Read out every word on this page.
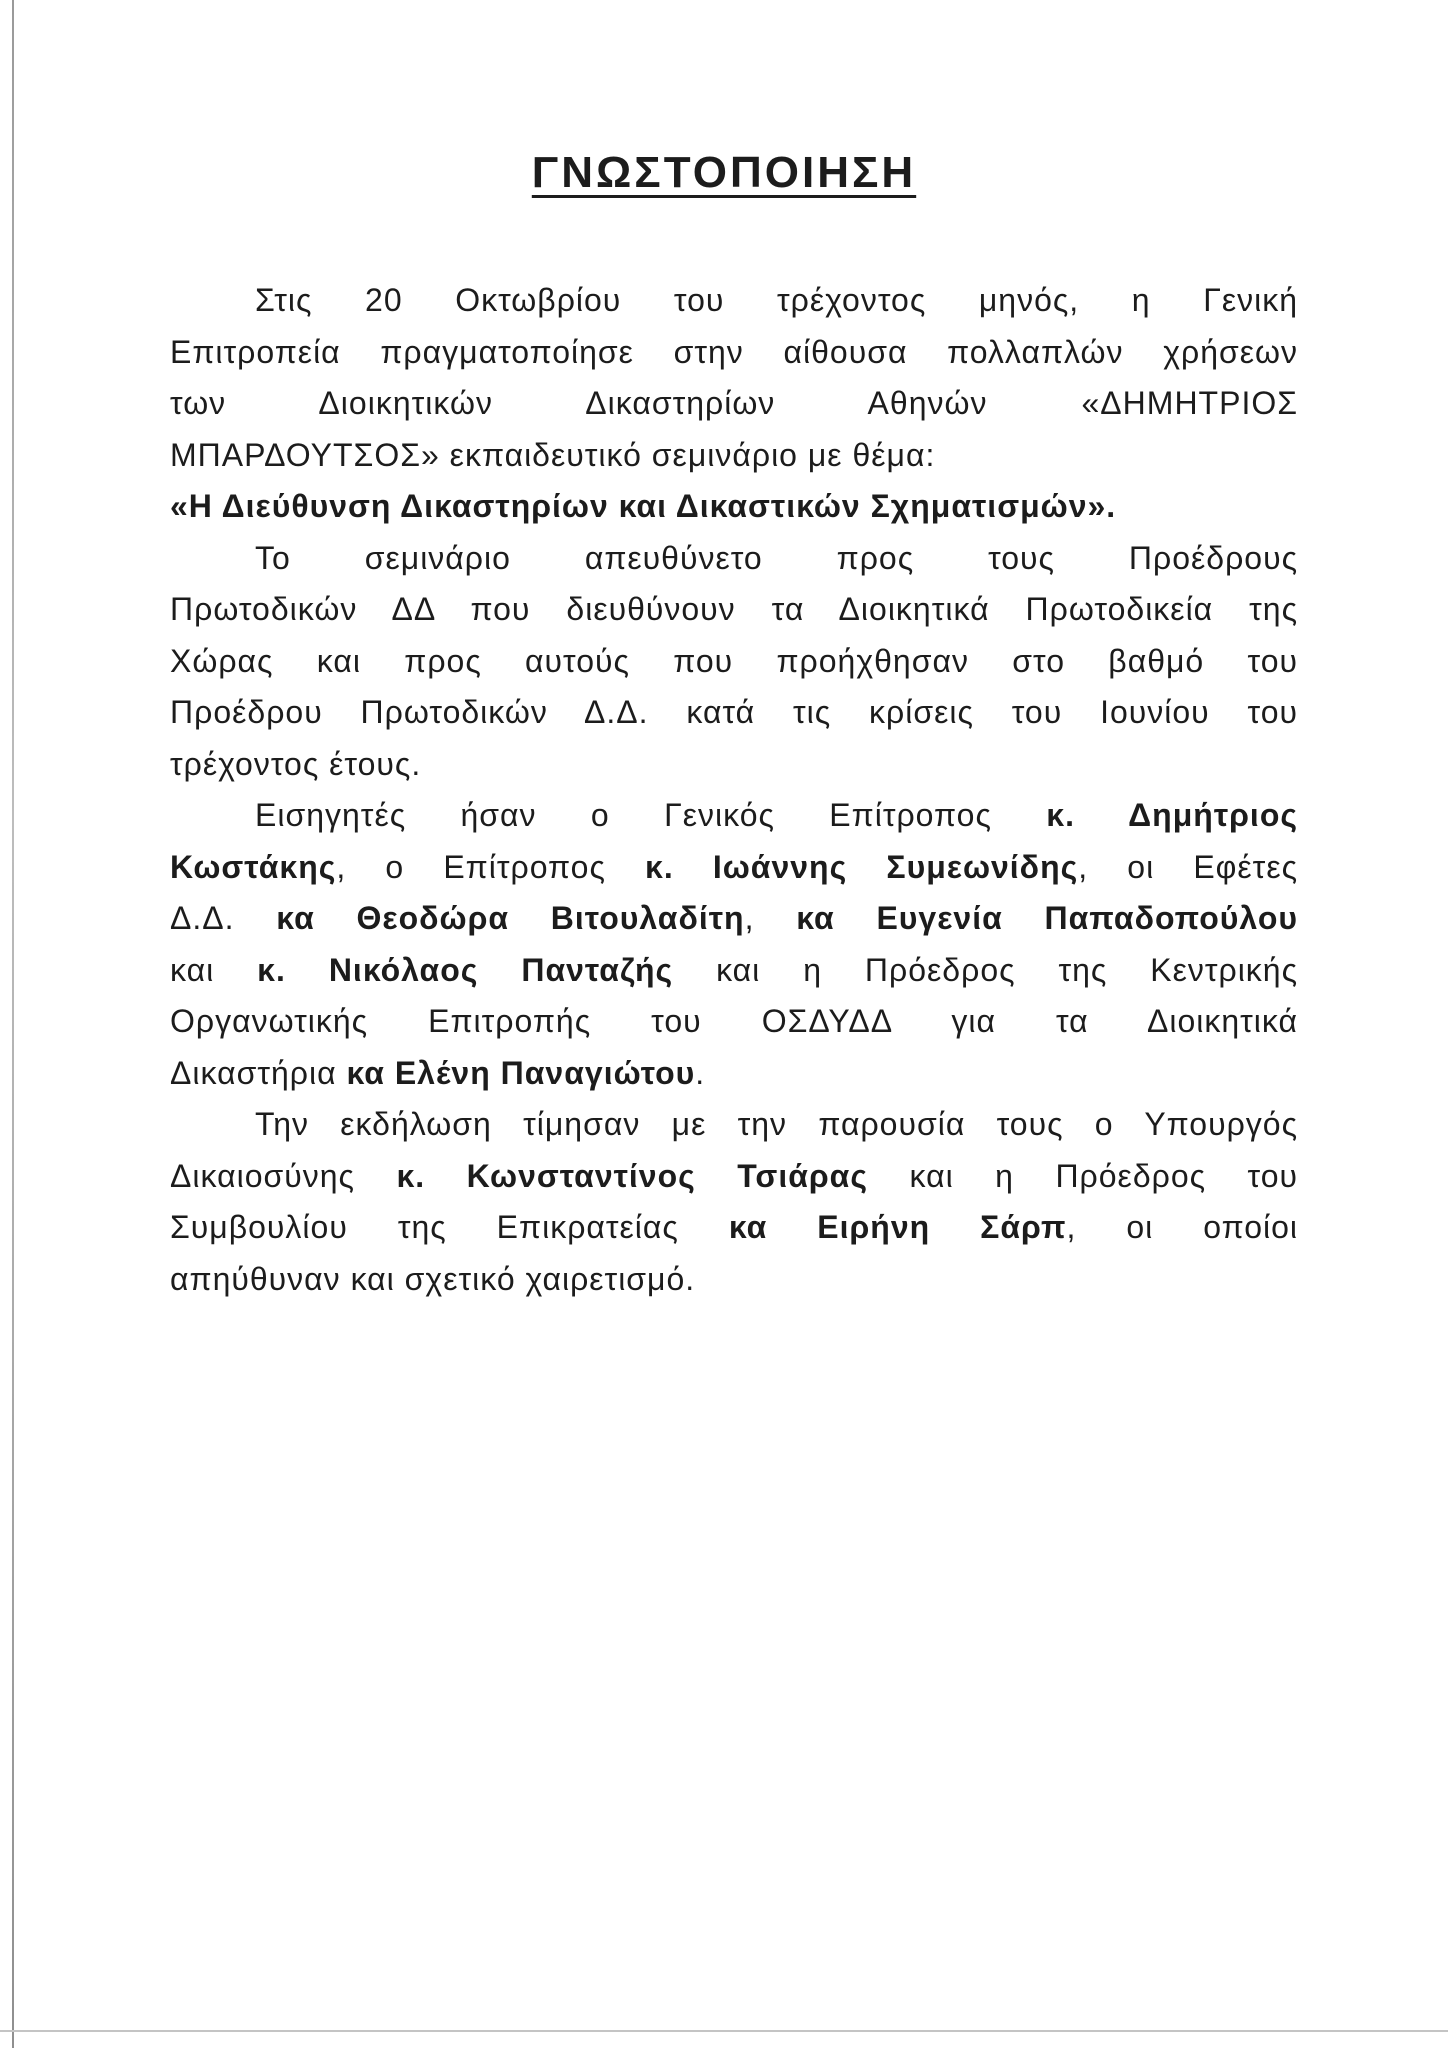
ΓΝΩΣΤΟΠΟΙΗΣΗ
Στις 20 Οκτωβρίου του τρέχοντος μηνός, η Γενική
Επιτροπεία πραγματοποίησε στην αίθουσα πολλαπλών χρήσεων
των Διοικητικών Δικαστηρίων Αθηνών «ΔΗΜΗΤΡΙΟΣ
ΜΠΑΡΔΟΥΤΣΟΣ» εκπαιδευτικό σεμινάριο με θέμα:
«Η Διεύθυνση Δικαστηρίων και Δικαστικών Σχηματισμών».
Το σεμινάριο απευθύνετο προς τους Προέδρους
Πρωτοδικών ΔΔ που διευθύνουν τα Διοικητικά Πρωτοδικεία της
Χώρας και προς αυτούς που προήχθησαν στο βαθμό του
Προέδρου Πρωτοδικών Δ.Δ. κατά τις κρίσεις του Ιουνίου του
τρέχοντος έτους.
Εισηγητές ήσαν ο Γενικός Επίτροπος κ. Δημήτριος
Κωστάκης, ο Επίτροπος κ. Ιωάννης Συμεωνίδης, οι Εφέτες
Δ.Δ. κα Θεοδώρα Βιτουλαδίτη, κα Ευγενία Παπαδοπούλου
και κ. Νικόλαος Πανταζής και η Πρόεδρος της Κεντρικής
Οργανωτικής Επιτροπής του ΟΣΔΥΔΔ για τα Διοικητικά
Δικαστήρια κα Ελένη Παναγιώτου.
Την εκδήλωση τίμησαν με την παρουσία τους ο Υπουργός
Δικαιοσύνης κ. Κωνσταντίνος Τσιάρας και η Πρόεδρος του
Συμβουλίου της Επικρατείας κα Ειρήνη Σάρπ, οι οποίοι
απηύθυναν και σχετικό χαιρετισμό.
